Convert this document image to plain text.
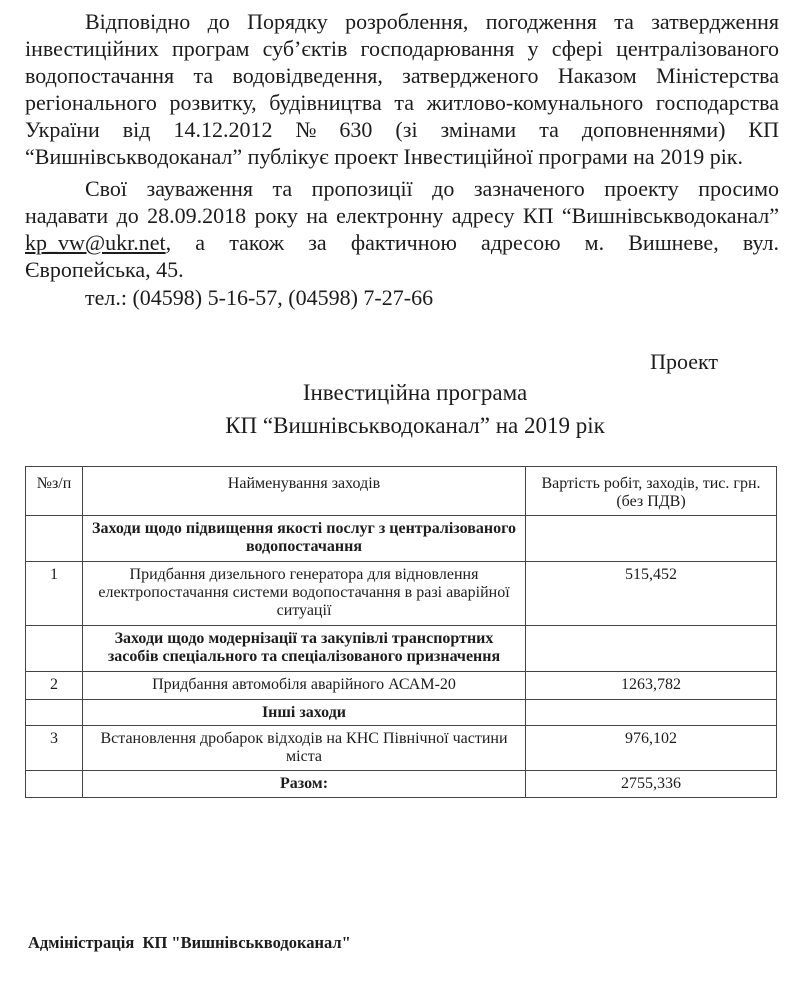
Відповідно до Порядку розроблення, погодження та затвердження
інвестиційних програм суб’єктів господарювання у сфері централізованого
водопостачання та водовідведення, затвердженого Наказом Міністерства
регіонального розвитку, будівництва та житлово-комунального господарства
України від 14.12.2012 № 630 (зі змінами та доповненнями) КП
“Вишнівськводоканал” публікує проект Інвестиційної програми на 2019 рік.
Свої зауваження та пропозиції до зазначеного проекту просимо
надавати до 28.09.2018 року на електронну адресу КП “Вишнівськводоканал”
kp_vw@ukr.net, а також за фактичною адресою м. Вишневе, вул.
Європейська, 45.
тел.: (04598) 5-16-57, (04598) 7-27-66
Проект
Інвестиційна програма
КП “Вишнівськводоканал” на 2019 рік
№з/п	Найменування заходів	Вартість робіт, заходів, тис. грн.
(без ПДВ)

	Заходи щодо підвищення якості послуг з централізованого
водопостачання	

1	Придбання дизельного генератора для відновлення
електропостачання системи водопостачання в разі аварійної
ситуації	515,452

	Заходи щодо модернізації та закупівлі транспортних
засобів спеціального та спеціалізованого призначення	

2	Придбання автомобіля аварійного АСАМ-20	1263,782

	Інші заходи	

3	Встановлення дробарок відходів на КНС Північної частини
міста	976,102
	Разом:	2755,336
Адміністрація  КП "Вишнівськводоканал"
